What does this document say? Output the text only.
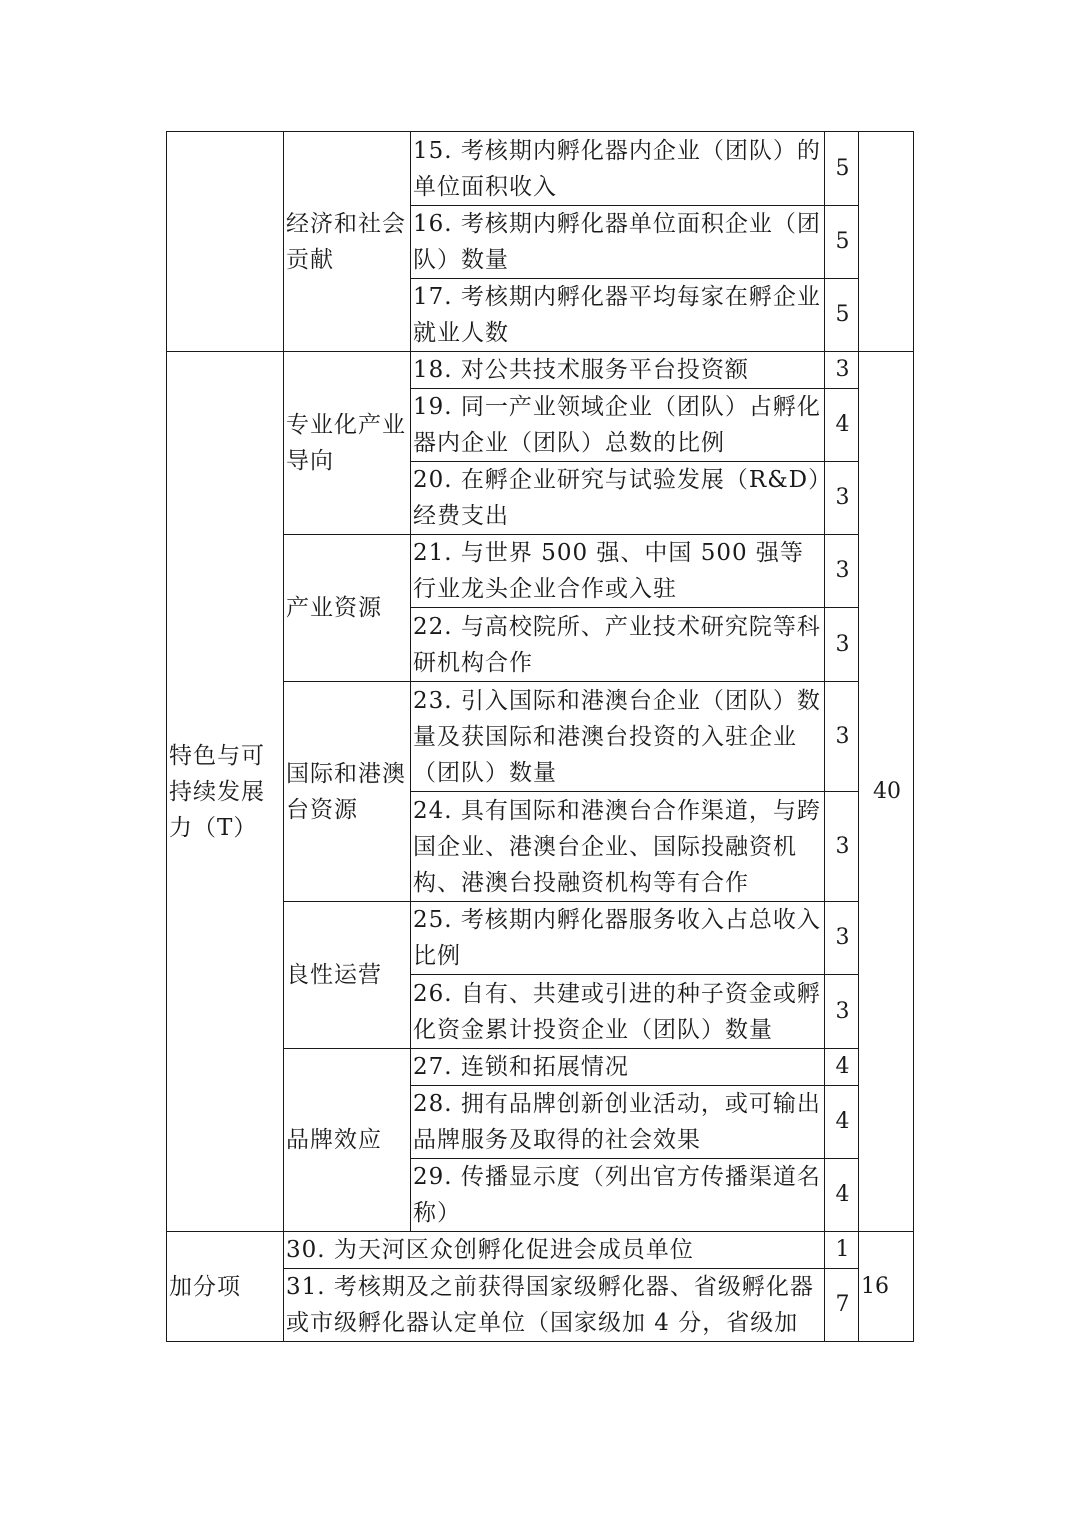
	经济和社会贡献	15. 考核期内孵化器内企业（团队）的单位面积收入	5	
		16. 考核期内孵化器单位面积企业（团队）数量	5	
		17. 考核期内孵化器平均每家在孵企业就业人数	5	
特色与可持续发展力（T）	专业化产业导向	18. 对公共技术服务平台投资额	3	40
		19. 同一产业领域企业（团队）占孵化器内企业（团队）总数的比例	4	
		20. 在孵企业研究与试验发展（R&D）经费支出	3	
	产业资源	21. 与世界 500 强、中国 500 强等行业龙头企业合作或入驻	3	
		22. 与高校院所、产业技术研究院等科研机构合作	3	
	国际和港澳台资源	23. 引入国际和港澳台企业（团队）数量及获国际和港澳台投资的入驻企业（团队）数量	3	
		24. 具有国际和港澳台合作渠道，与跨国企业、港澳台企业、国际投融资机构、港澳台投融资机构等有合作	3	
	良性运营	25. 考核期内孵化器服务收入占总收入比例	3	
		26. 自有、共建或引进的种子资金或孵化资金累计投资企业（团队）数量	3	
	品牌效应	27. 连锁和拓展情况	4	
		28. 拥有品牌创新创业活动，或可输出品牌服务及取得的社会效果	4	
		29. 传播显示度（列出官方传播渠道名称）	4	
加分项	30. 为天河区众创孵化促进会成员单位		1	16
	31. 考核期及之前获得国家级孵化器、省级孵化器或市级孵化器认定单位（国家级加 4 分，省级加		7	
